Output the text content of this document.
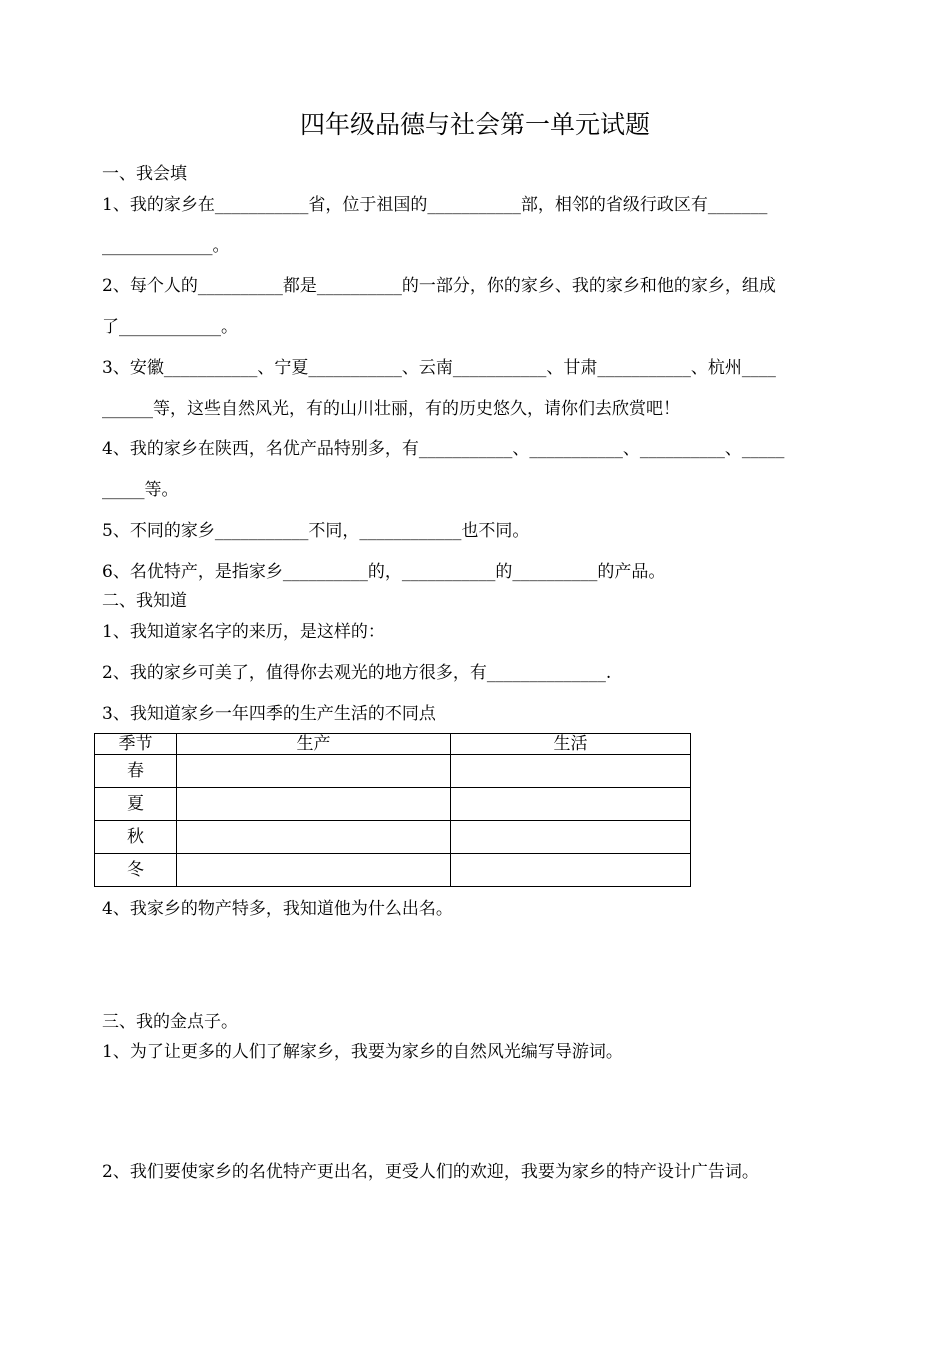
四年级品德与社会第一单元试题
一、我会填
1、我的家乡在___________省，位于祖国的___________部，相邻的省级行政区有_______
_____________。
2、每个人的__________都是__________的一部分，你的家乡、我的家乡和他的家乡，组成
了____________。
3、安徽___________、宁夏___________、云南___________、甘肃___________、杭州____
______等，这些自然风光，有的山川壮丽，有的历史悠久，请你们去欣赏吧！
4、我的家乡在陕西，名优产品特别多，有___________、___________、__________、_____
_____等。
5、不同的家乡___________不同，____________也不同。
6、名优特产，是指家乡__________的，___________的__________的产品。
二、我知道
1、我知道家名字的来历，是这样的：
2、我的家乡可美了，值得你去观光的地方很多，有______________.
3、我知道家乡一年四季的生产生活的不同点
季节	生产	生活
春		
夏		
秋		
冬		
4、我家乡的物产特多，我知道他为什么出名。
三、我的金点子。
1、为了让更多的人们了解家乡，我要为家乡的自然风光编写导游词。
2、我们要使家乡的名优特产更出名，更受人们的欢迎，我要为家乡的特产设计广告词。
